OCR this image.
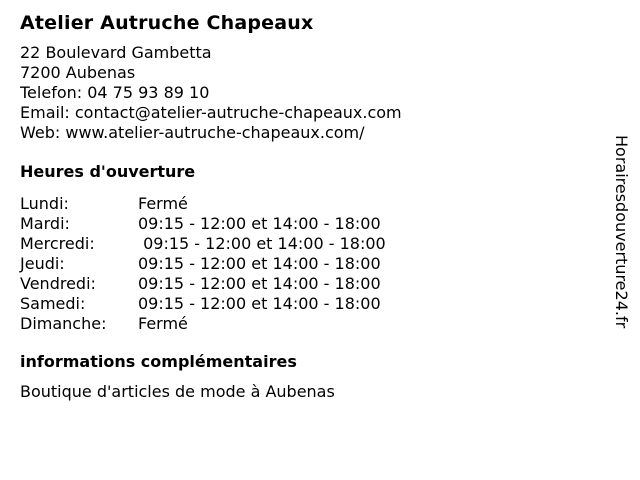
Atelier Autruche Chapeaux
22 Boulevard Gambetta
7200 Aubenas
Telefon: 04 75 93 89 10
Email: contact@atelier-autruche-chapeaux.com
Web: www.atelier-autruche-chapeaux.com/
Heures d'ouverture
Lundi:	Fermé
Mardi:	09:15 - 12:00 et 14:00 - 18:00
Mercredi:	09:15 - 12:00 et 14:00 - 18:00
Jeudi:	09:15 - 12:00 et 14:00 - 18:00
Vendredi:	09:15 - 12:00 et 14:00 - 18:00
Samedi:	09:15 - 12:00 et 14:00 - 18:00
Dimanche:	Fermé
informations complémentaires
Boutique d'articles de mode à Aubenas
Horairesdouverture24.fr
